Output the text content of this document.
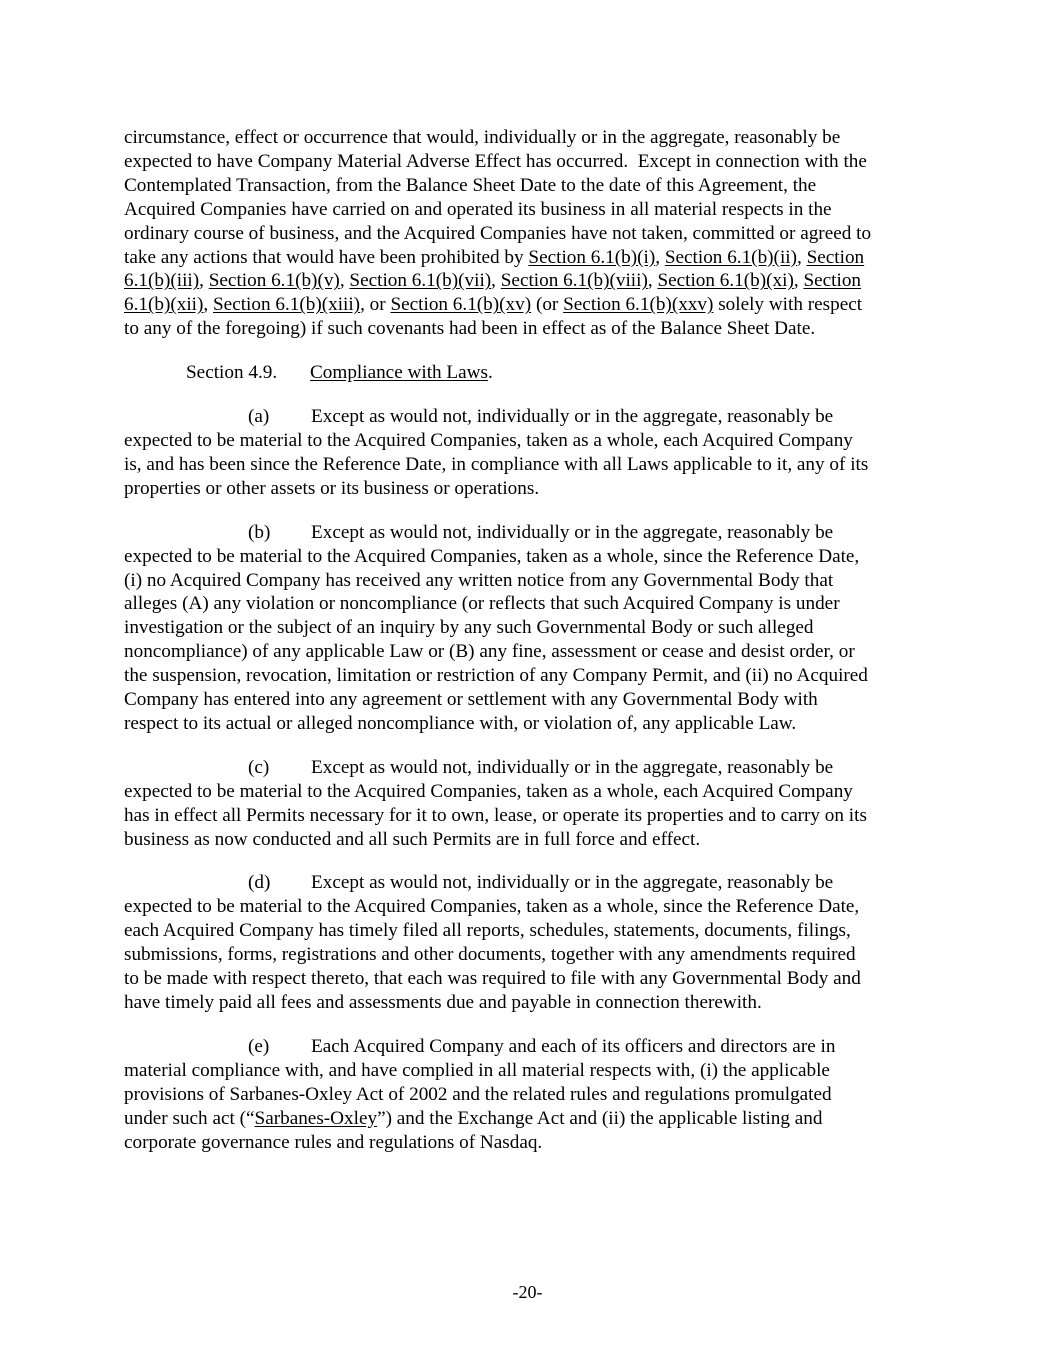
circumstance, effect or occurrence that would, individually or in the aggregate, reasonably be
expected to have Company Material Adverse Effect has occurred.  Except in connection with the
Contemplated Transaction, from the Balance Sheet Date to the date of this Agreement, the
Acquired Companies have carried on and operated its business in all material respects in the
ordinary course of business, and the Acquired Companies have not taken, committed or agreed to
take any actions that would have been prohibited by Section 6.1(b)(i), Section 6.1(b)(ii), Section
6.1(b)(iii), Section 6.1(b)(v), Section 6.1(b)(vii), Section 6.1(b)(viii), Section 6.1(b)(xi), Section
6.1(b)(xii), Section 6.1(b)(xiii), or Section 6.1(b)(xv) (or Section 6.1(b)(xxv) solely with respect
to any of the foregoing) if such covenants had been in effect as of the Balance Sheet Date.
Section 4.9. Compliance with Laws.
(a) Except as would not, individually or in the aggregate, reasonably be
expected to be material to the Acquired Companies, taken as a whole, each Acquired Company
is, and has been since the Reference Date, in compliance with all Laws applicable to it, any of its
properties or other assets or its business or operations.
(b) Except as would not, individually or in the aggregate, reasonably be
expected to be material to the Acquired Companies, taken as a whole, since the Reference Date,
(i) no Acquired Company has received any written notice from any Governmental Body that
alleges (A) any violation or noncompliance (or reflects that such Acquired Company is under
investigation or the subject of an inquiry by any such Governmental Body or such alleged
noncompliance) of any applicable Law or (B) any fine, assessment or cease and desist order, or
the suspension, revocation, limitation or restriction of any Company Permit, and (ii) no Acquired
Company has entered into any agreement or settlement with any Governmental Body with
respect to its actual or alleged noncompliance with, or violation of, any applicable Law.
(c) Except as would not, individually or in the aggregate, reasonably be
expected to be material to the Acquired Companies, taken as a whole, each Acquired Company
has in effect all Permits necessary for it to own, lease, or operate its properties and to carry on its
business as now conducted and all such Permits are in full force and effect.
(d) Except as would not, individually or in the aggregate, reasonably be
expected to be material to the Acquired Companies, taken as a whole, since the Reference Date,
each Acquired Company has timely filed all reports, schedules, statements, documents, filings,
submissions, forms, registrations and other documents, together with any amendments required
to be made with respect thereto, that each was required to file with any Governmental Body and
have timely paid all fees and assessments due and payable in connection therewith.
(e) Each Acquired Company and each of its officers and directors are in
material compliance with, and have complied in all material respects with, (i) the applicable
provisions of Sarbanes-Oxley Act of 2002 and the related rules and regulations promulgated
under such act (“Sarbanes-Oxley”) and the Exchange Act and (ii) the applicable listing and
corporate governance rules and regulations of Nasdaq.
-20-
